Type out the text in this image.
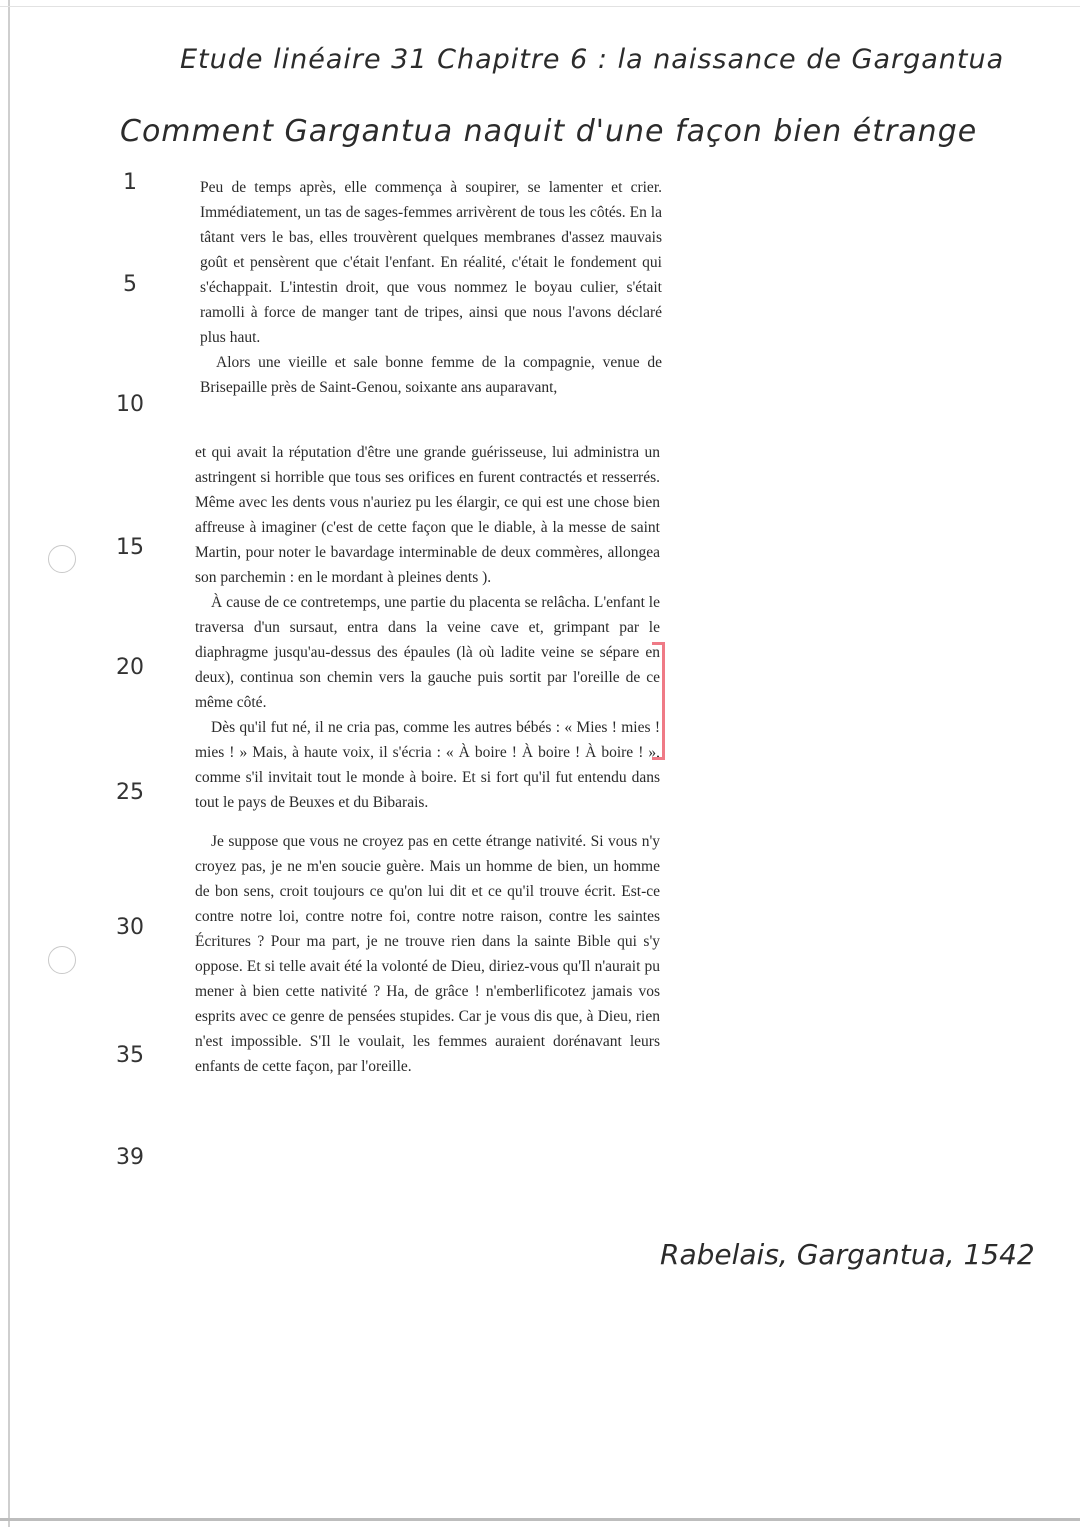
Etude linéaire 31 Chapitre 6 : la naissance de Gargantua
Comment Gargantua naquit d'une façon bien étrange
1
5
10
15
20
25
30
35
39

Peu de temps après, elle commença à soupirer, se lamenter et crier. Immédiatement, un tas de sages-femmes arrivèrent de tous les côtés. En la tâtant vers le bas, elles trouvèrent quelques membranes d'assez mauvais goût et pensèrent que c'était l'enfant. En réalité, c'était le fondement qui s'échappait. L'intestin droit, que vous nommez le boyau culier, s'était ramolli à force de manger tant de tripes, ainsi que nous l'avons déclaré plus haut.

Alors une vieille et sale bonne femme de la compagnie, venue de Brisepaille près de Saint-Genou, soixante ans auparavant,

et qui avait la réputation d'être une grande guérisseuse, lui administra un astringent si horrible que tous ses orifices en furent contractés et resserrés. Même avec les dents vous n'auriez pu les élargir, ce qui est une chose bien affreuse à imaginer (c'est de cette façon que le diable, à la messe de saint Martin, pour noter le bavardage interminable de deux commères, allongea son parchemin : en le mordant à pleines dents ).

À cause de ce contretemps, une partie du placenta se relâcha. L'enfant le traversa d'un sursaut, entra dans la veine cave et, grimpant par le diaphragme jusqu'au-dessus des épaules (là où ladite veine se sépare en deux), continua son chemin vers la gauche puis sortit par l'oreille de ce même côté.

Dès qu'il fut né, il ne cria pas, comme les autres bébés : « Mies ! mies ! mies ! » Mais, à haute voix, il s'écria : « À boire ! À boire ! À boire ! », comme s'il invitait tout le monde à boire. Et si fort qu'il fut entendu dans tout le pays de Beuxes et du Bibarais.

Je suppose que vous ne croyez pas en cette étrange nativité. Si vous n'y croyez pas, je ne m'en soucie guère. Mais un homme de bien, un homme de bon sens, croit toujours ce qu'on lui dit et ce qu'il trouve écrit. Est-ce contre notre loi, contre notre foi, contre notre raison, contre les saintes Écritures ? Pour ma part, je ne trouve rien dans la sainte Bible qui s'y oppose. Et si telle avait été la volonté de Dieu, diriez-vous qu'Il n'aurait pu mener à bien cette nativité ? Ha, de grâce ! n'emberlificotez jamais vos esprits avec ce genre de pensées stupides. Car je vous dis que, à Dieu, rien n'est impossible. S'Il le voulait, les femmes auraient dorénavant leurs enfants de cette façon, par l'oreille.

Rabelais, Gargantua, 1542
